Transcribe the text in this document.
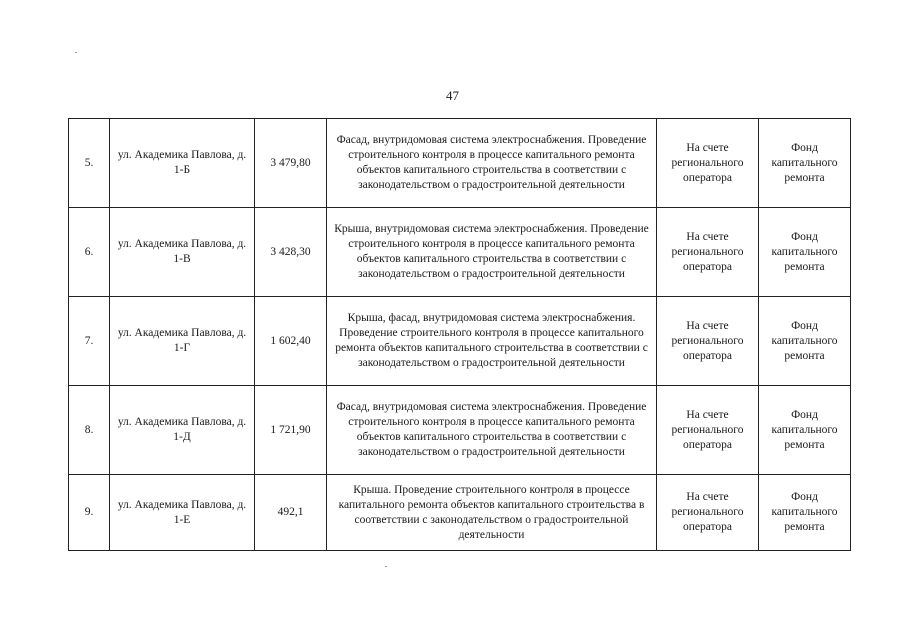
47
5.	ул. Академика Павлова, д. 1-Б	3 479,80	Фасад, внутридомовая система электроснабжения. Проведение строительного контроля в процессе капитального ремонта объектов капитального строительства в соответствии с законодательством о градостроительной деятельности	На счете регионального оператора	Фонд капитального ремонта
6.	ул. Академика Павлова, д. 1-В	3 428,30	Крыша, внутридомовая система электроснабжения. Проведение строительного контроля в процессе капитального ремонта объектов капитального строительства в соответствии с законодательством о градостроительной деятельности	На счете регионального оператора	Фонд капитального ремонта
7.	ул. Академика Павлова, д. 1-Г	1 602,40	Крыша, фасад, внутридомовая система электроснабжения. Проведение строительного контроля в процессе капитального ремонта объектов капитального строительства в соответствии с законодательством о градостроительной деятельности	На счете регионального оператора	Фонд капитального ремонта
8.	ул. Академика Павлова, д. 1-Д	1 721,90	Фасад, внутридомовая система электроснабжения. Проведение строительного контроля в процессе капитального ремонта объектов капитального строительства в соответствии с законодательством о градостроительной деятельности	На счете регионального оператора	Фонд капитального ремонта
9.	ул. Академика Павлова, д. 1-Е	492,1	Крыша. Проведение строительного контроля в процессе капитального ремонта объектов капитального строительства в соответствии с законодательством о градостроительной деятельности	На счете регионального оператора	Фонд капитального ремонта
